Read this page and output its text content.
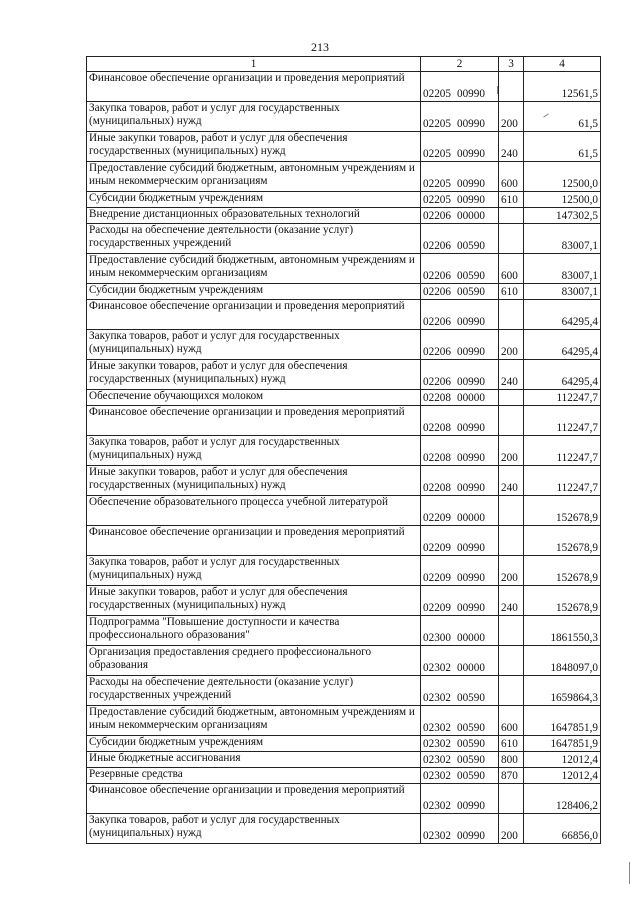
213
1	2	3	4
Финансовое обеспечение организации и проведения мероприятий	02205 00990		12561,5
Закупка товаров, работ и услуг для государственных (муниципальных) нужд	02205 00990	200	61,5
Иные закупки товаров, работ и услуг для обеспечения государственных (муниципальных) нужд	02205 00990	240	61,5
Предоставление субсидий бюджетным, автономным учреждениям и иным некоммерческим организациям	02205 00990	600	12500,0
Субсидии бюджетным учреждениям	02205 00990	610	12500,0
Внедрение дистанционных образовательных технологий	02206 00000		147302,5
Расходы на обеспечение деятельности (оказание услуг) государственных учреждений	02206 00590		83007,1
Предоставление субсидий бюджетным, автономным учреждениям и иным некоммерческим организациям	02206 00590	600	83007,1
Субсидии бюджетным учреждениям	02206 00590	610	83007,1
Финансовое обеспечение организации и проведения мероприятий	02206 00990		64295,4
Закупка товаров, работ и услуг для государственных (муниципальных) нужд	02206 00990	200	64295,4
Иные закупки товаров, работ и услуг для обеспечения государственных (муниципальных) нужд	02206 00990	240	64295,4
Обеспечение обучающихся молоком	02208 00000		112247,7
Финансовое обеспечение организации и проведения мероприятий	02208 00990		112247,7
Закупка товаров, работ и услуг для государственных (муниципальных) нужд	02208 00990	200	112247,7
Иные закупки товаров, работ и услуг для обеспечения государственных (муниципальных) нужд	02208 00990	240	112247,7
Обеспечение образовательного процесса учебной литературой	02209 00000		152678,9
Финансовое обеспечение организации и проведения мероприятий	02209 00990		152678,9
Закупка товаров, работ и услуг для государственных (муниципальных) нужд	02209 00990	200	152678,9
Иные закупки товаров, работ и услуг для обеспечения государственных (муниципальных) нужд	02209 00990	240	152678,9
Подпрограмма "Повышение доступности и качества профессионального образования"	02300 00000		1861550,3
Организация предоставления среднего профессионального образования	02302 00000		1848097,0
Расходы на обеспечение деятельности (оказание услуг) государственных учреждений	02302 00590		1659864,3
Предоставление субсидий бюджетным, автономным учреждениям и иным некоммерческим организациям	02302 00590	600	1647851,9
Субсидии бюджетным учреждениям	02302 00590	610	1647851,9
Иные бюджетные ассигнования	02302 00590	800	12012,4
Резервные средства	02302 00590	870	12012,4
Финансовое обеспечение организации и проведения мероприятий	02302 00990		128406,2
Закупка товаров, работ и услуг для государственных (муниципальных) нужд	02302 00990	200	66856,0
